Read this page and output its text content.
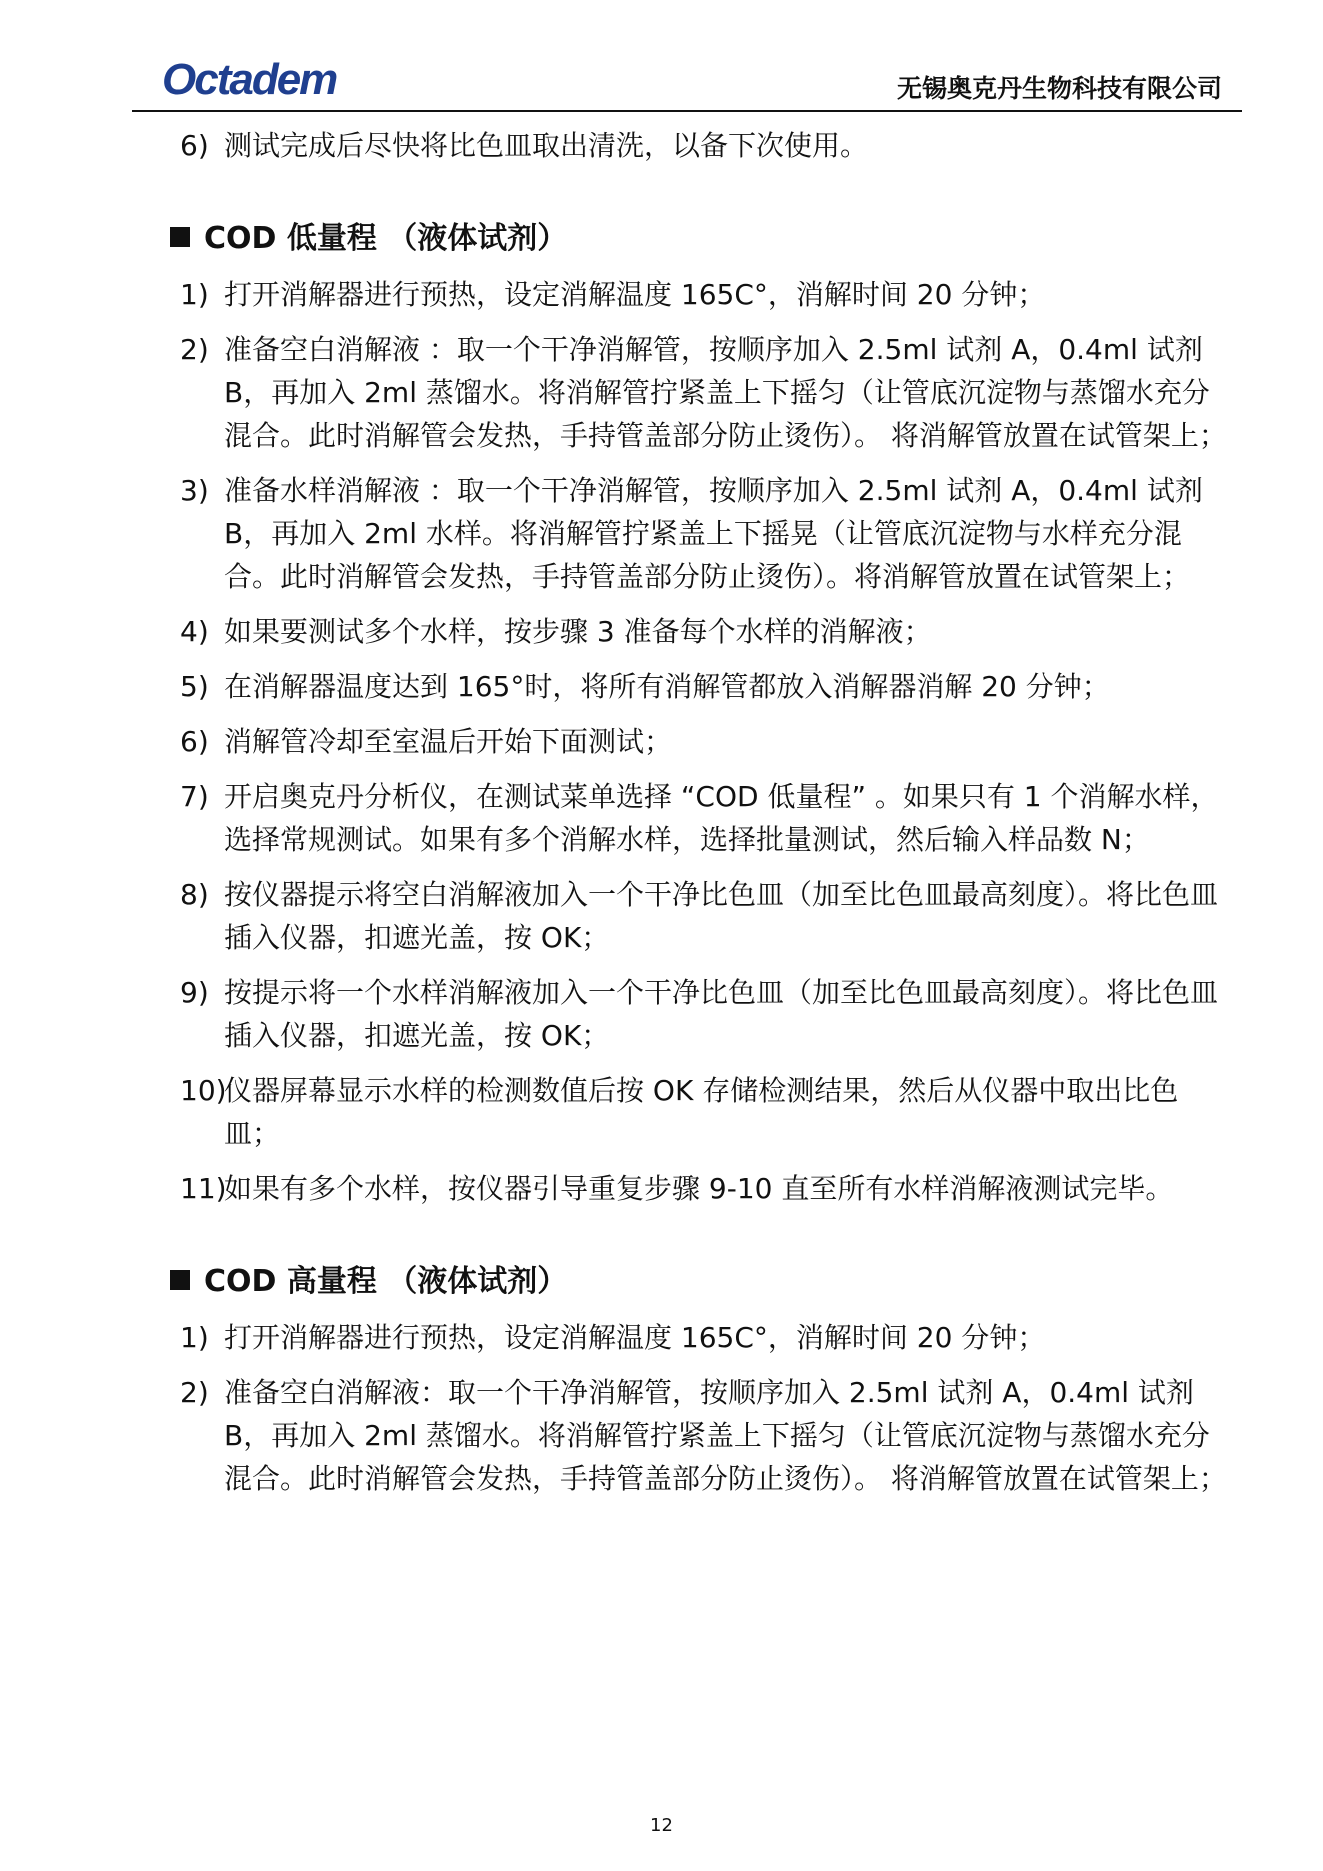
Octadem	无锡奥克丹生物科技有限公司
6) 测试完成后尽快将比色皿取出清洗，以备下次使用。
COD 低量程 （液体试剂）
1) 打开消解器进行预热，设定消解温度 165C°，消解时间 20 分钟；
2) 准备空白消解液 ：取一个干净消解管，按顺序加入 2.5ml 试剂 A，0.4ml 试剂 B，再加入 2ml 蒸馏水。将消解管拧紧盖上下摇匀（让管底沉淀物与蒸馏水充分混合。此时消解管会发热，手持管盖部分防止烫伤）。 将消解管放置在试管架上；
3) 准备水样消解液 ：取一个干净消解管，按顺序加入 2.5ml 试剂 A，0.4ml 试剂 B，再加入 2ml 水样。将消解管拧紧盖上下摇晃（让管底沉淀物与水样充分混合。此时消解管会发热，手持管盖部分防止烫伤）。将消解管放置在试管架上；
4) 如果要测试多个水样，按步骤 3 准备每个水样的消解液；
5) 在消解器温度达到 165°时，将所有消解管都放入消解器消解 20 分钟；
6) 消解管冷却至室温后开始下面测试；
7) 开启奥克丹分析仪，在测试菜单选择 “COD 低量程” 。如果只有 1 个消解水样，选择常规测试。如果有多个消解水样，选择批量测试，然后输入样品数 N；
8) 按仪器提示将空白消解液加入一个干净比色皿（加至比色皿最高刻度）。将比色皿插入仪器，扣遮光盖，按 OK；
9) 按提示将一个水样消解液加入一个干净比色皿（加至比色皿最高刻度）。将比色皿插入仪器，扣遮光盖，按 OK；
10)
仪器屏幕显示水样的检测数值后按 OK 存储检测结果，然后从仪器中取出比色皿；
11)
如果有多个水样，按仪器引导重复步骤 9-10 直至所有水样消解液测试完毕。
COD 高量程 （液体试剂）
1) 打开消解器进行预热，设定消解温度 165C°，消解时间 20 分钟；
2) 准备空白消解液：取一个干净消解管，按顺序加入 2.5ml 试剂 A，0.4ml 试剂 B，再加入 2ml 蒸馏水。将消解管拧紧盖上下摇匀（让管底沉淀物与蒸馏水充分混合。此时消解管会发热，手持管盖部分防止烫伤）。 将消解管放置在试管架上；
12
